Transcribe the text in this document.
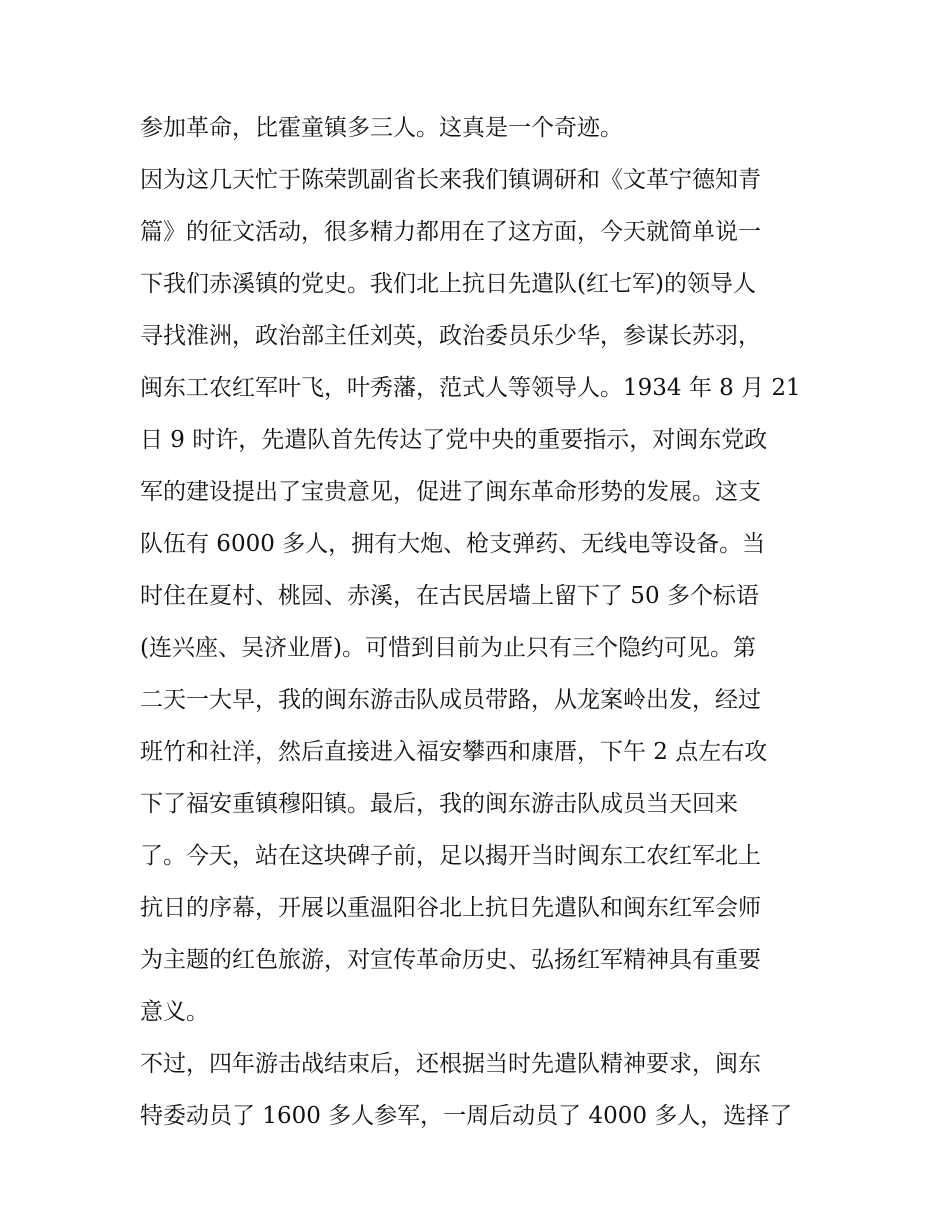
参加革命，比霍童镇多三人。这真是一个奇迹。
因为这几天忙于陈荣凯副省长来我们镇调研和《文革宁德知青
篇》的征文活动，很多精力都用在了这方面，今天就简单说一
下我们赤溪镇的党史。我们北上抗日先遣队(红七军)的领导人
寻找淮洲，政治部主任刘英，政治委员乐少华，参谋长苏羽，
闽东工农红军叶飞，叶秀藩，范式人等领导人。1934 年 8 月 21
日 9 时许，先遣队首先传达了党中央的重要指示，对闽东党政
军的建设提出了宝贵意见，促进了闽东革命形势的发展。这支
队伍有 6000 多人，拥有大炮、枪支弹药、无线电等设备。当
时住在夏村、桃园、赤溪，在古民居墙上留下了 50 多个标语
(连兴座、吴济业厝)。可惜到目前为止只有三个隐约可见。第
二天一大早，我的闽东游击队成员带路，从龙案岭出发，经过
班竹和社洋，然后直接进入福安攀西和康厝，下午 2 点左右攻
下了福安重镇穆阳镇。最后，我的闽东游击队成员当天回来
了。今天，站在这块碑子前，足以揭开当时闽东工农红军北上
抗日的序幕，开展以重温阳谷北上抗日先遣队和闽东红军会师
为主题的红色旅游，对宣传革命历史、弘扬红军精神具有重要
意义。
不过，四年游击战结束后，还根据当时先遣队精神要求，闽东
特委动员了 1600 多人参军，一周后动员了 4000 多人，选择了
